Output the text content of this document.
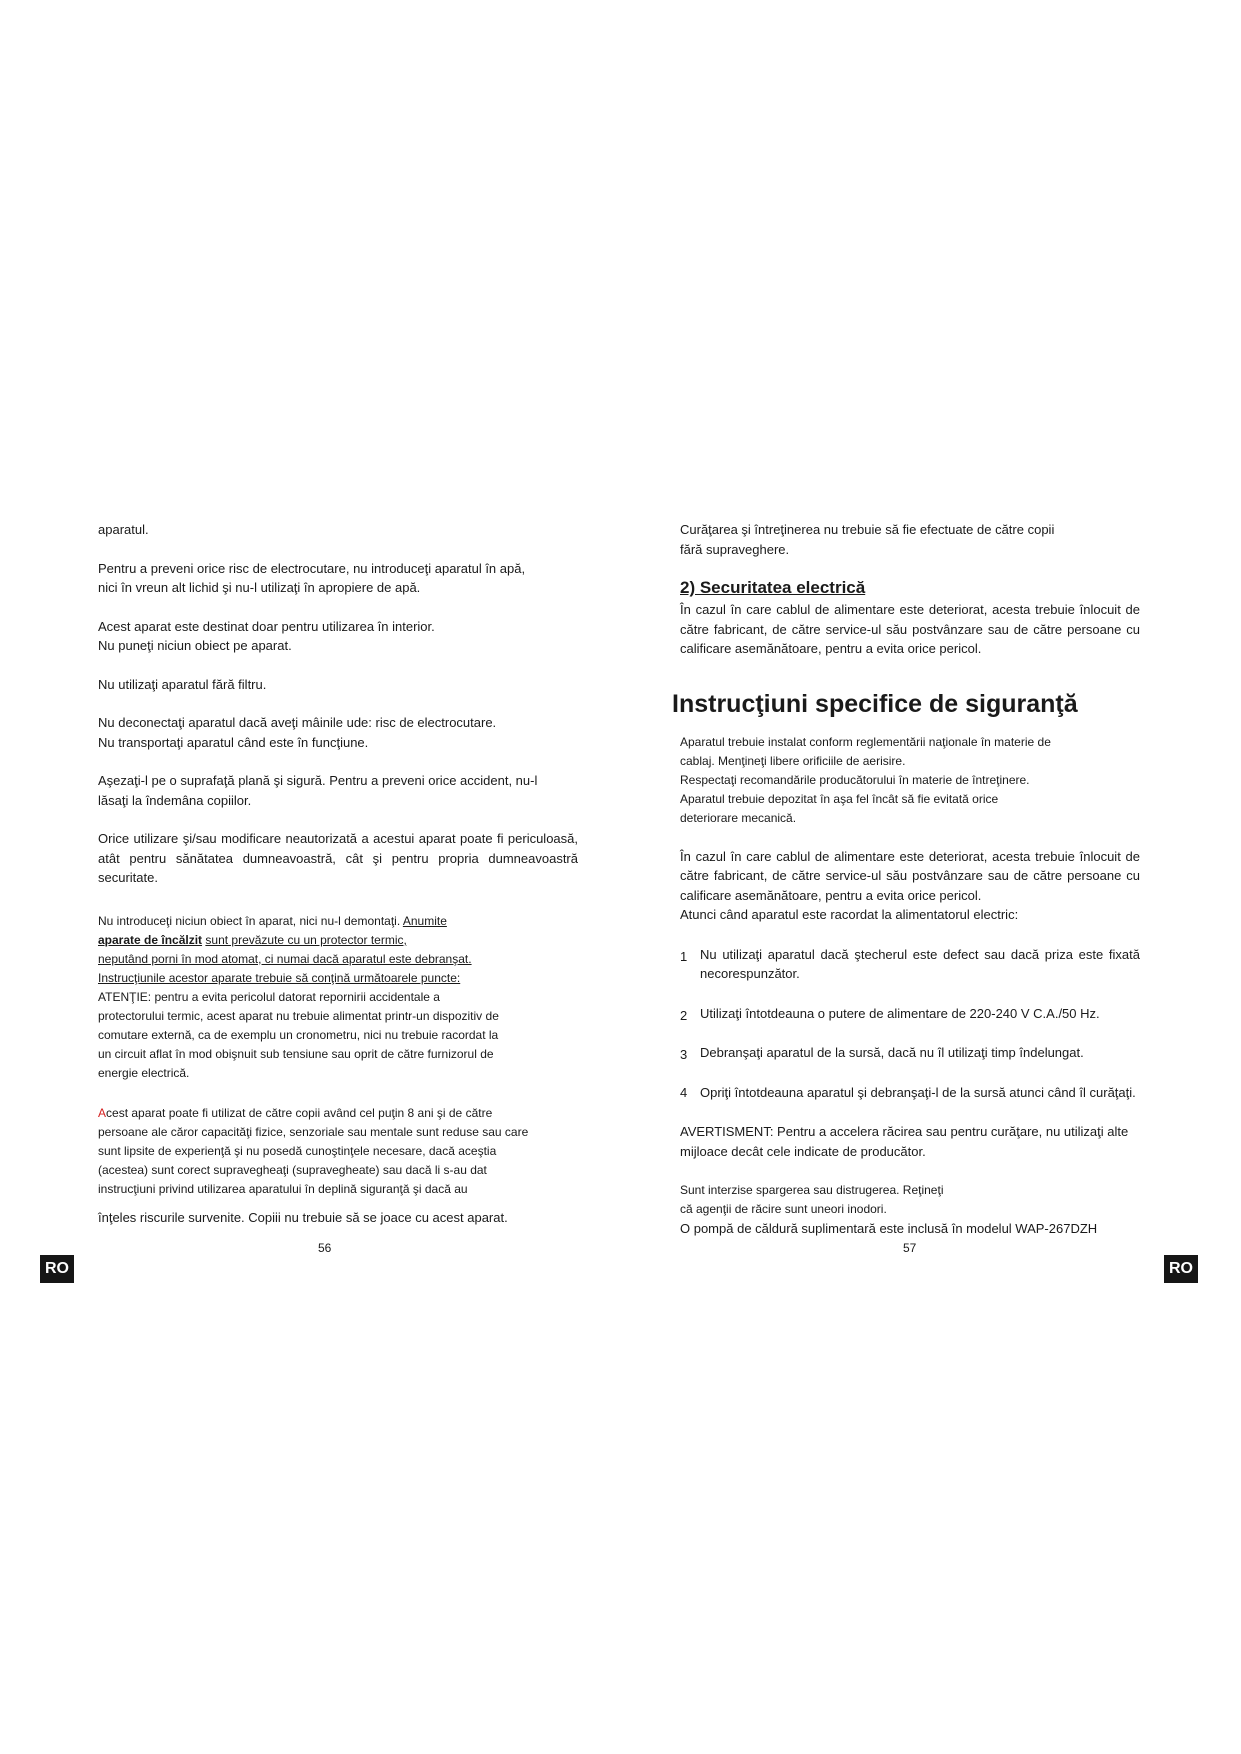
aparatul.

Pentru a preveni orice risc de electrocutare, nu introduceţi aparatul în apă,
nici în vreun alt lichid şi nu-l utilizaţi în apropiere de apă.

Acest aparat este destinat doar pentru utilizarea în interior.
Nu puneţi niciun obiect pe aparat.

Nu utilizaţi aparatul fără filtru.

Nu deconectaţi aparatul dacă aveţi mâinile ude: risc de electrocutare.
Nu transportaţi aparatul când este în funcţiune.

Aşezaţi-l pe o suprafaţă plană şi sigură. Pentru a preveni orice accident, nu-l
lăsaţi la îndemâna copiilor.

Orice utilizare şi/sau modificare neautorizată a acestui aparat poate fi periculoasă, atât pentru sănătatea dumneavoastră, cât şi pentru propria dumneavoastră securitate.

Nu introduceţi niciun obiect în aparat, nici nu-l demontaţi. Anumite
aparate de încălzit sunt prevăzute cu un protector termic,
neputând porni în mod atomat, ci numai dacă aparatul este debranşat.
Instrucţiunile acestor aparate trebuie să conţină următoarele puncte:
ATENŢIE: pentru a evita pericolul datorat repornirii accidentale a
protectorului termic, acest aparat nu trebuie alimentat printr-un dispozitiv de
comutare externă, ca de exemplu un cronometru, nici nu trebuie racordat la
un circuit aflat în mod obişnuit sub tensiune sau oprit de către furnizorul de
energie electrică.

Acest aparat poate fi utilizat de către copii având cel puţin 8 ani şi de către
persoane ale căror capacităţi fizice, senzoriale sau mentale sunt reduse sau care
sunt lipsite de experienţă şi nu posedă cunoştinţele necesare, dacă aceştia
(acestea) sunt corect supravegheaţi (supravegheate) sau dacă li s-au dat
instrucţiuni privind utilizarea aparatului în deplină siguranţă şi dacă au

înţeles riscurile survenite. Copiii nu trebuie să se joace cu acest aparat.

56
RO

Curăţarea şi întreţinerea nu trebuie să fie efectuate de către copii
fără supraveghere.

2) Securitatea electrică

În cazul în care cablul de alimentare este deteriorat, acesta trebuie înlocuit de către fabricant, de către service-ul său postvânzare sau de către persoane cu calificare asemănătoare, pentru a evita orice pericol.

Instrucţiuni specifice de siguranţă

Aparatul trebuie instalat conform reglementării naţionale în materie de
cablaj. Menţineţi libere orificiile de aerisire.
Respectaţi recomandările producătorului în materie de întreţinere.
Aparatul trebuie depozitat în aşa fel încât să fie evitată orice
deteriorare mecanică.

În cazul în care cablul de alimentare este deteriorat, acesta trebuie înlocuit de către fabricant, de către service-ul său postvânzare sau de către persoane cu calificare asemănătoare, pentru a evita orice pericol.

Atunci când aparatul este racordat la alimentatorul electric:

1 Nu utilizaţi aparatul dacă ştecherul este defect sau dacă priza este fixată necorespunzător.
2 Utilizaţi întotdeauna o putere de alimentare de 220-240 V C.A./50 Hz.
3 Debranşaţi aparatul de la sursă, dacă nu îl utilizaţi timp îndelungat.
4 Opriţi întotdeauna aparatul şi debranşaţi-l de la sursă atunci când îl curăţaţi.

AVERTISMENT: Pentru a accelera răcirea sau pentru curăţare, nu utilizaţi alte mijloace decât cele indicate de producător.

Sunt interzise spargerea sau distrugerea. Reţineţi
că agenţii de răcire sunt uneori inodori.

O pompă de căldură suplimentară este inclusă în modelul WAP-267DZH

57
RO
